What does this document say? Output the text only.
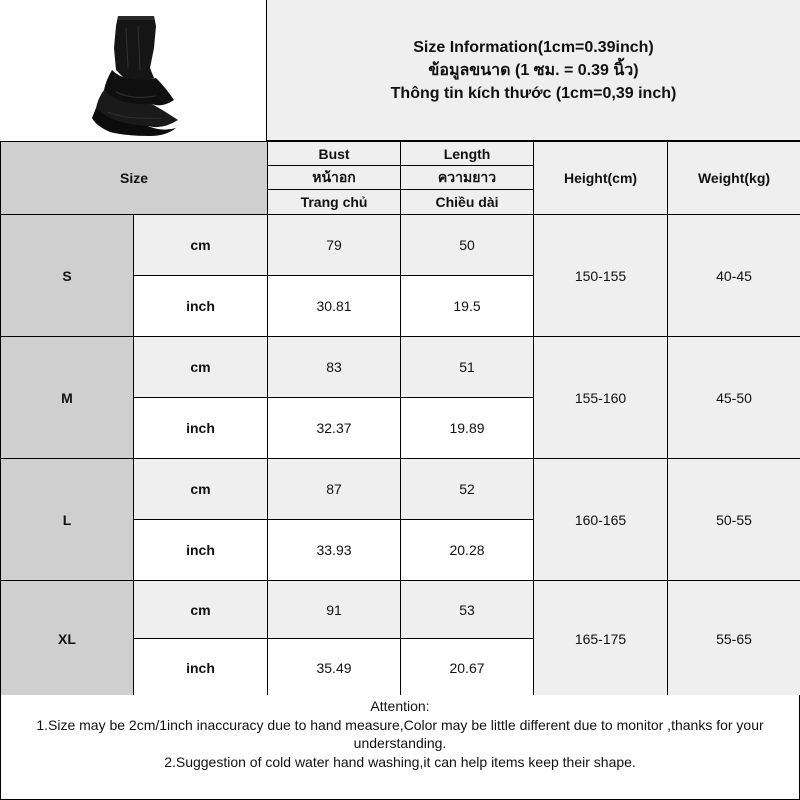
Size Information(1cm=0.39inch)
ข้อมูลขนาด (1 ซม. = 0.39 นิ้ว)
Thông tin kích thước (1cm=0,39 inch)
Size		Bust	Length	Height(cm)	Weight(kg)
		หน้าอก	ความยาว		
		Trang chủ	Chiều dài		
S	cm	79	50	150-155	40-45
	inch	30.81	19.5		
M	cm	83	51	155-160	45-50
	inch	32.37	19.89		
L	cm	87	52	160-165	50-55
	inch	33.93	20.28		
XL	cm	91	53	165-175	55-65
	inch	35.49	20.67		

Attention:

1.Size may be 2cm/1inch inaccuracy due to hand measure,Color may be little different due to monitor ,thanks for your understanding.

2.Suggestion of cold water hand washing,it can help items keep their shape.
